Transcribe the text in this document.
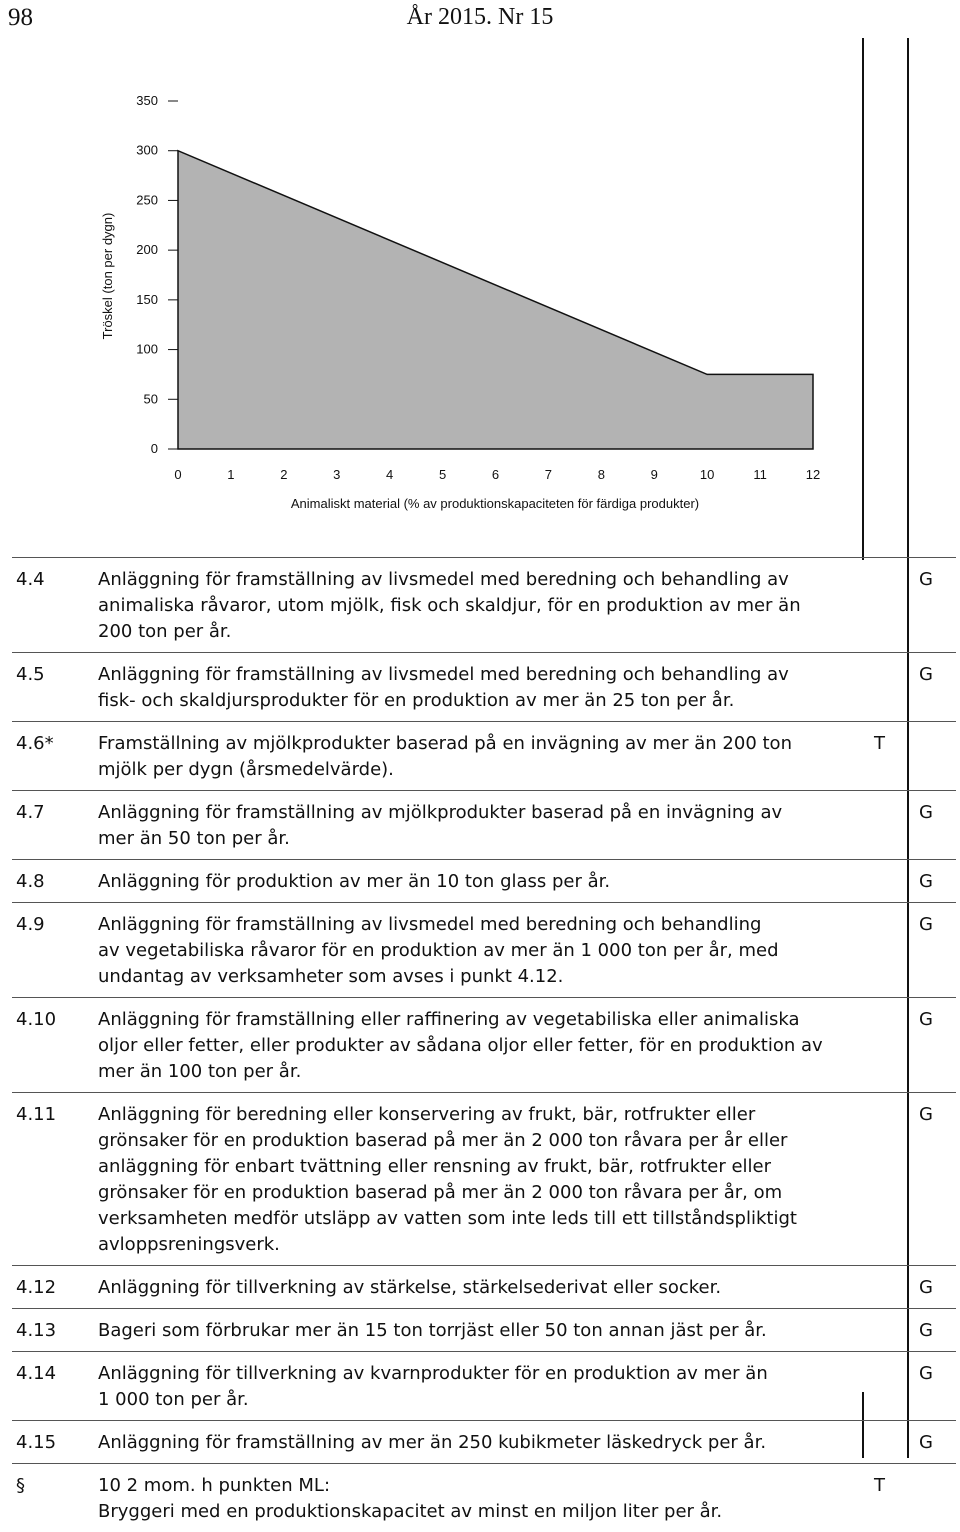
98	År 2015. Nr 15
350
300
250
200
150
100
50
0
0	1	2	3	4	5	6	7	8	9	10	11	12
Tröskel (ton per dygn)
Animaliskt material (% av produktionskapaciteten för färdiga produkter)
4.4	Anläggning för framställning av livsmedel med beredning och behandling av
animaliska råvaror, utom mjölk, fisk och skaldjur, för en produktion av mer än
200 ton per år.
G
4.5	Anläggning för framställning av livsmedel med beredning och behandling av
fisk- och skaldjursprodukter för en produktion av mer än 25 ton per år.
G
4.6* Framställning av mjölkprodukter baserad på en invägning av mer än 200 ton
mjölk per dygn (årsmedelvärde).
T
4.7	Anläggning för framställning av mjölkprodukter baserad på en invägning av
mer än 50 ton per år.
G
4.8	Anläggning för produktion av mer än 10 ton glass per år.	G
4.9	Anläggning för framställning av livsmedel med beredning och behandling
av vegetabiliska råvaror för en produktion av mer än 1 000 ton per år, med
undantag av verksamheter som avses i punkt 4.12.
G
4.10 Anläggning för framställning eller raffinering av vegetabiliska eller animaliska
oljor eller fetter, eller produkter av sådana oljor eller fetter, för en produktion av
mer än 100 ton per år.
G
4.11 Anläggning för beredning eller konservering av frukt, bär, rotfrukter eller
grönsaker för en produktion baserad på mer än 2 000 ton råvara per år eller
anläggning för enbart tvättning eller rensning av frukt, bär, rotfrukter eller
grönsaker för en produktion baserad på mer än 2 000 ton råvara per år, om
verksamheten medför utsläpp av vatten som inte leds till ett tillståndspliktigt
avloppsreningsverk.
G
4.12 Anläggning för tillverkning av stärkelse, stärkelsederivat eller socker.	G
4.13 Bageri som förbrukar mer än 15 ton torrjäst eller 50 ton annan jäst per år.	G
4.14 Anläggning för tillverkning av kvarnprodukter för en produktion av mer än
1 000 ton per år.
G
4.15 Anläggning för framställning av mer än 250 kubikmeter läskedryck per år.	G
§	10 2 mom. h punkten ML:
Bryggeri med en produktionskapacitet av minst en miljon liter per år.
T
